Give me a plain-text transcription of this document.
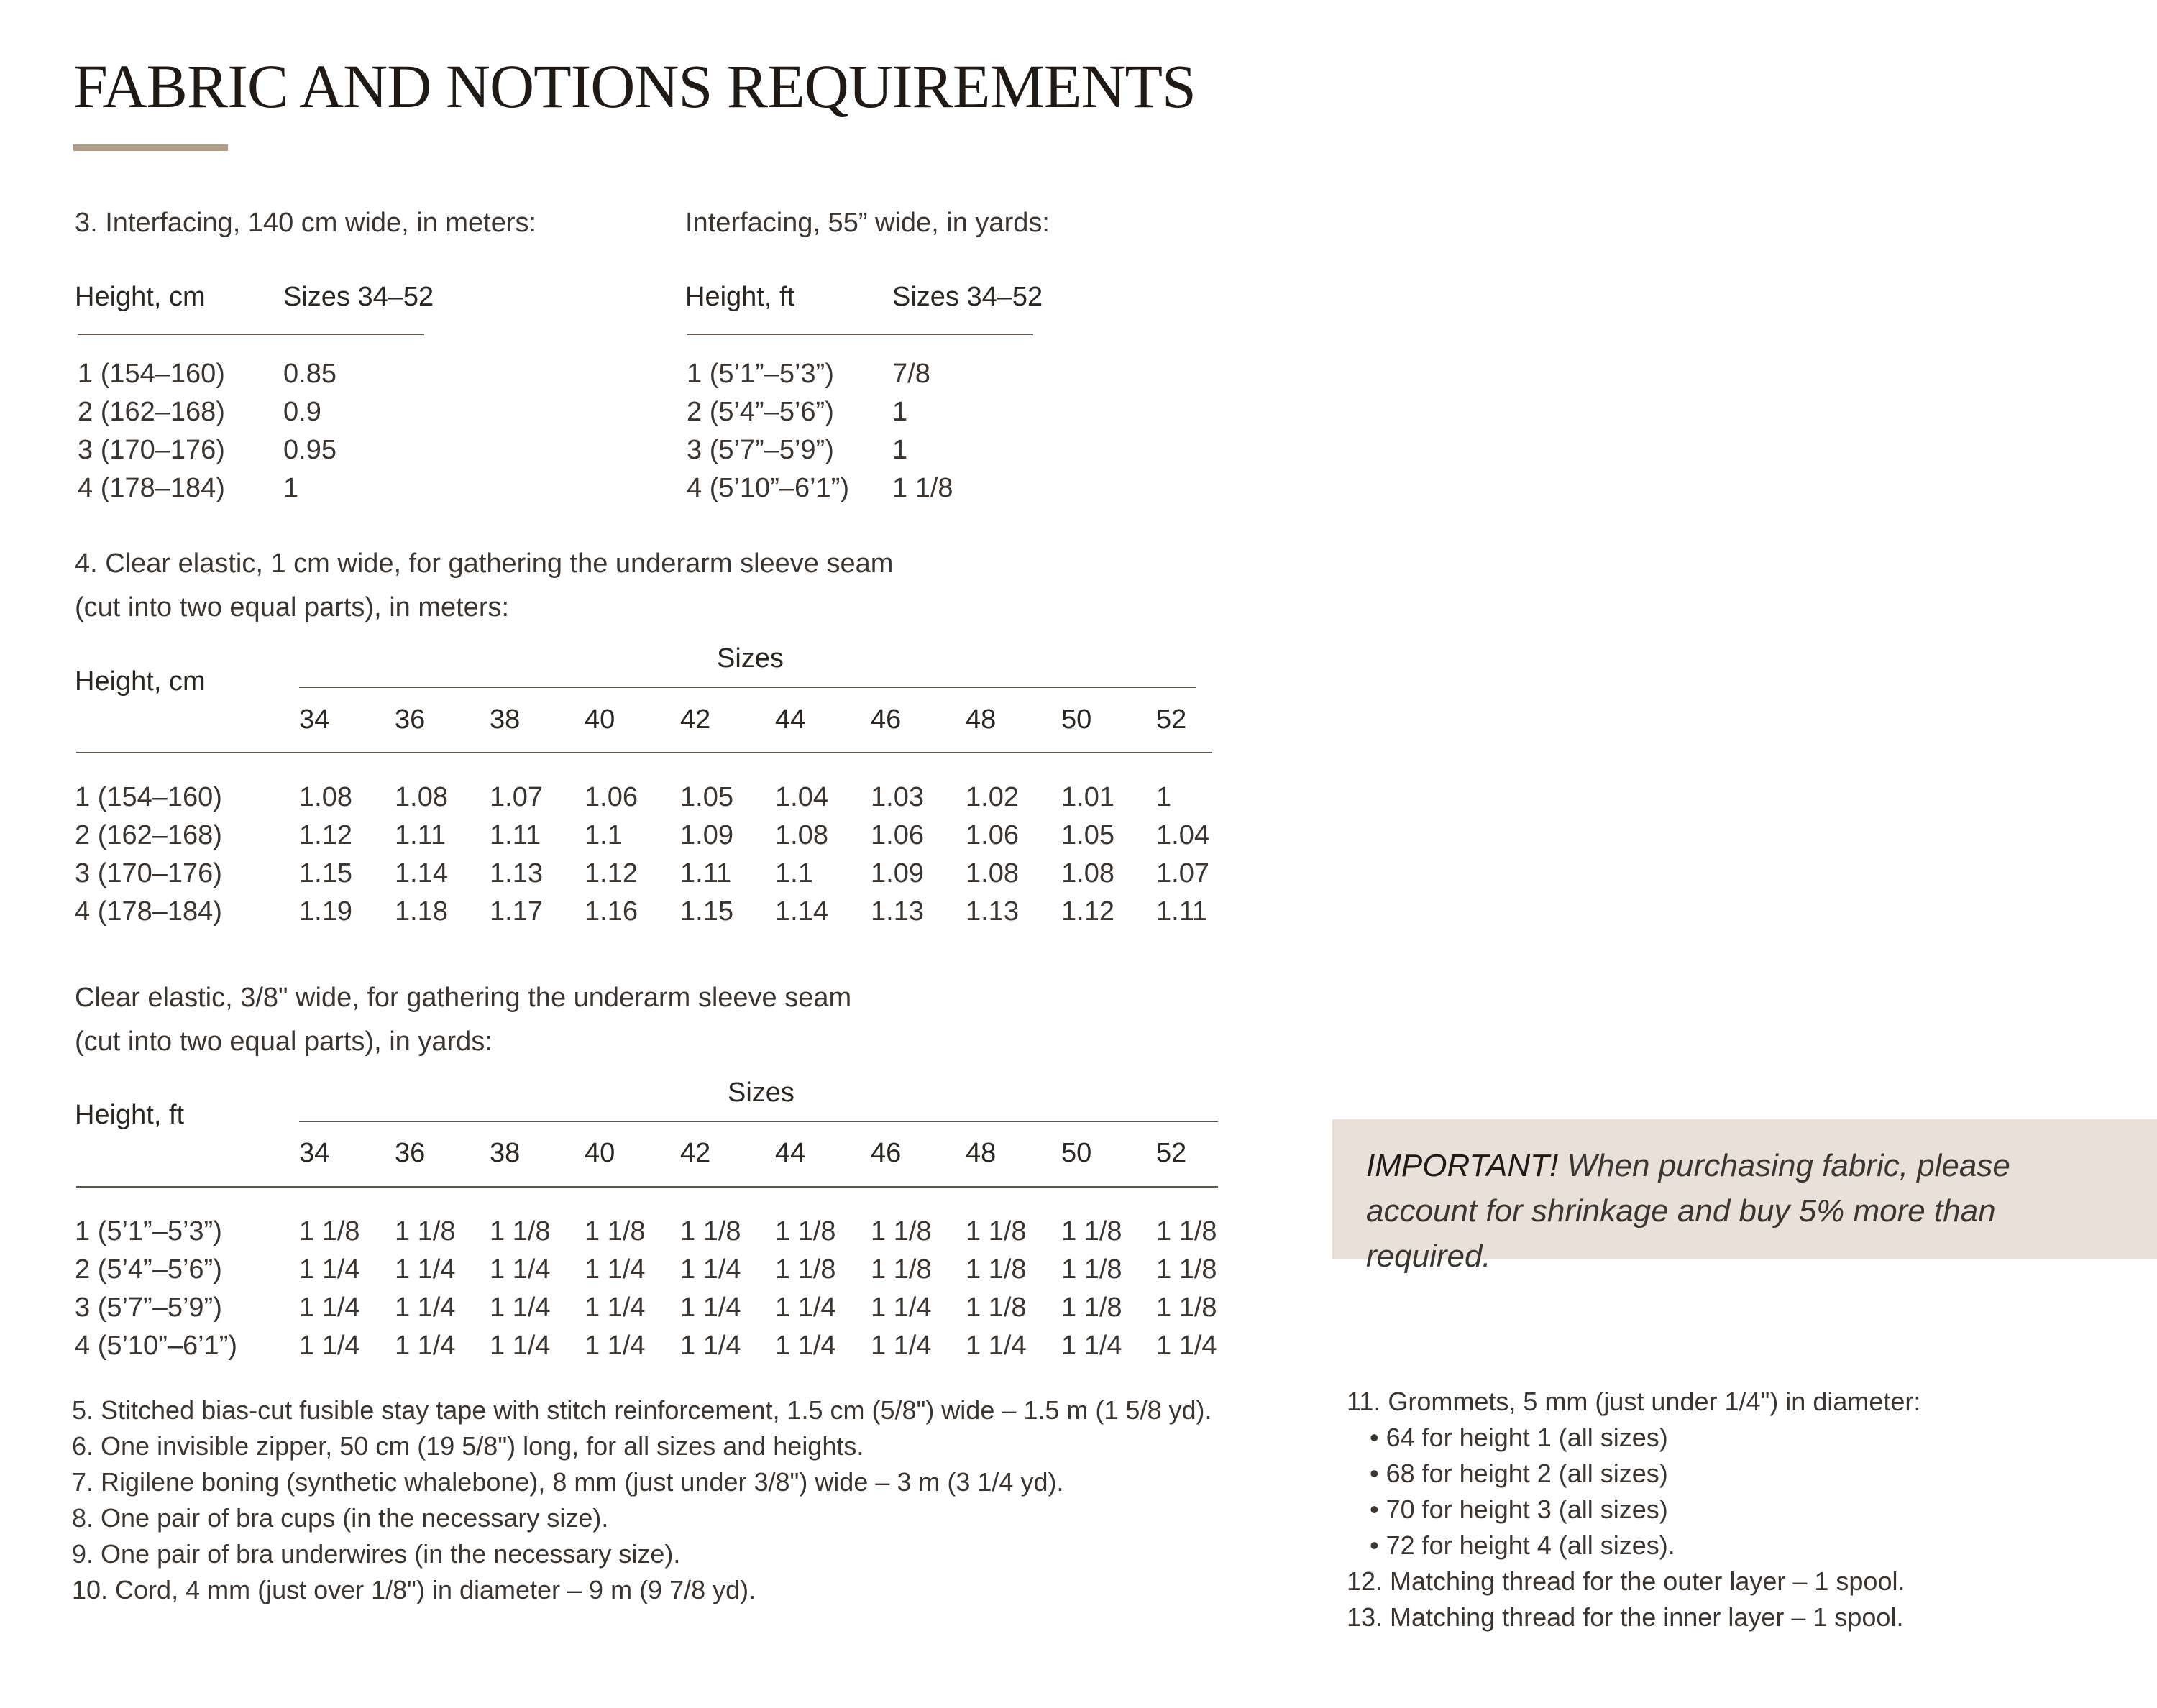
FABRIC AND NOTIONS REQUIREMENTS
3. Interfacing, 140 cm wide, in meters:
Height, cm	Sizes 34–52
1 (154–160) 0.85
2 (162–168) 0.9
3 (170–176) 0.95
4 (178–184) 1
Interfacing, 55” wide, in yards:
Height, ft	Sizes 34–52
1 (5’1”–5’3”) 7/8
2 (5’4”–5’6”) 1
3 (5’7”–5’9”) 1
4 (5’10”–6’1”) 1 1/8
4. Clear elastic, 1 cm wide, for gathering the underarm sleeve seam
(cut into two equal parts), in meters:
Height, cm
Sizes
34 36 38 40 42 44 46 48 50 52
1 (154–160)	1.08 1.08 1.07 1.06 1.05 1.04 1.03 1.02 1.01 1
2 (162–168)	1.12 1.11 1.11 1.1 1.09 1.08 1.06 1.06 1.05 1.04
3 (170–176)	1.15 1.14 1.13 1.12 1.11 1.1 1.09 1.08 1.08 1.07
4 (178–184)	1.19 1.18 1.17 1.16 1.15 1.14 1.13 1.13 1.12 1.11
Clear elastic, 3/8" wide, for gathering the underarm sleeve seam
(cut into two equal parts), in yards:
Height, ft
Sizes
34 36 38 40 42 44 46 48 50 52
1 (5’1”–5’3”)	1 1/8 1 1/8 1 1/8 1 1/8 1 1/8 1 1/8 1 1/8 1 1/8 1 1/8 1 1/8
2 (5’4”–5’6”)	1 1/4 1 1/4 1 1/4 1 1/4 1 1/4 1 1/8 1 1/8 1 1/8 1 1/8 1 1/8
3 (5’7”–5’9”)	1 1/4 1 1/4 1 1/4 1 1/4 1 1/4 1 1/4 1 1/4 1 1/8 1 1/8 1 1/8
4 (5’10”–6’1”) 1 1/4 1 1/4 1 1/4 1 1/4 1 1/4 1 1/4 1 1/4 1 1/4 1 1/4 1 1/4
IMPORTANT! When purchasing fabric, please account for shrinkage and buy 5% more than required.
5. Stitched bias-cut fusible stay tape with stitch reinforcement, 1.5 cm (5/8") wide – 1.5 m (1 5/8 yd).
6. One invisible zipper, 50 cm (19 5/8") long, for all sizes and heights.
7. Rigilene boning (synthetic whalebone), 8 mm (just under 3/8") wide – 3 m (3 1/4 yd).
8. One pair of bra cups (in the necessary size).
9. One pair of bra underwires (in the necessary size).
10. Cord, 4 mm (just over 1/8") in diameter – 9 m (9 7/8 yd).
11. Grommets, 5 mm (just under 1/4") in diameter:
• 64 for height 1 (all sizes)
• 68 for height 2 (all sizes)
• 70 for height 3 (all sizes)
• 72 for height 4 (all sizes).
12. Matching thread for the outer layer – 1 spool.
13. Matching thread for the inner layer – 1 spool.
